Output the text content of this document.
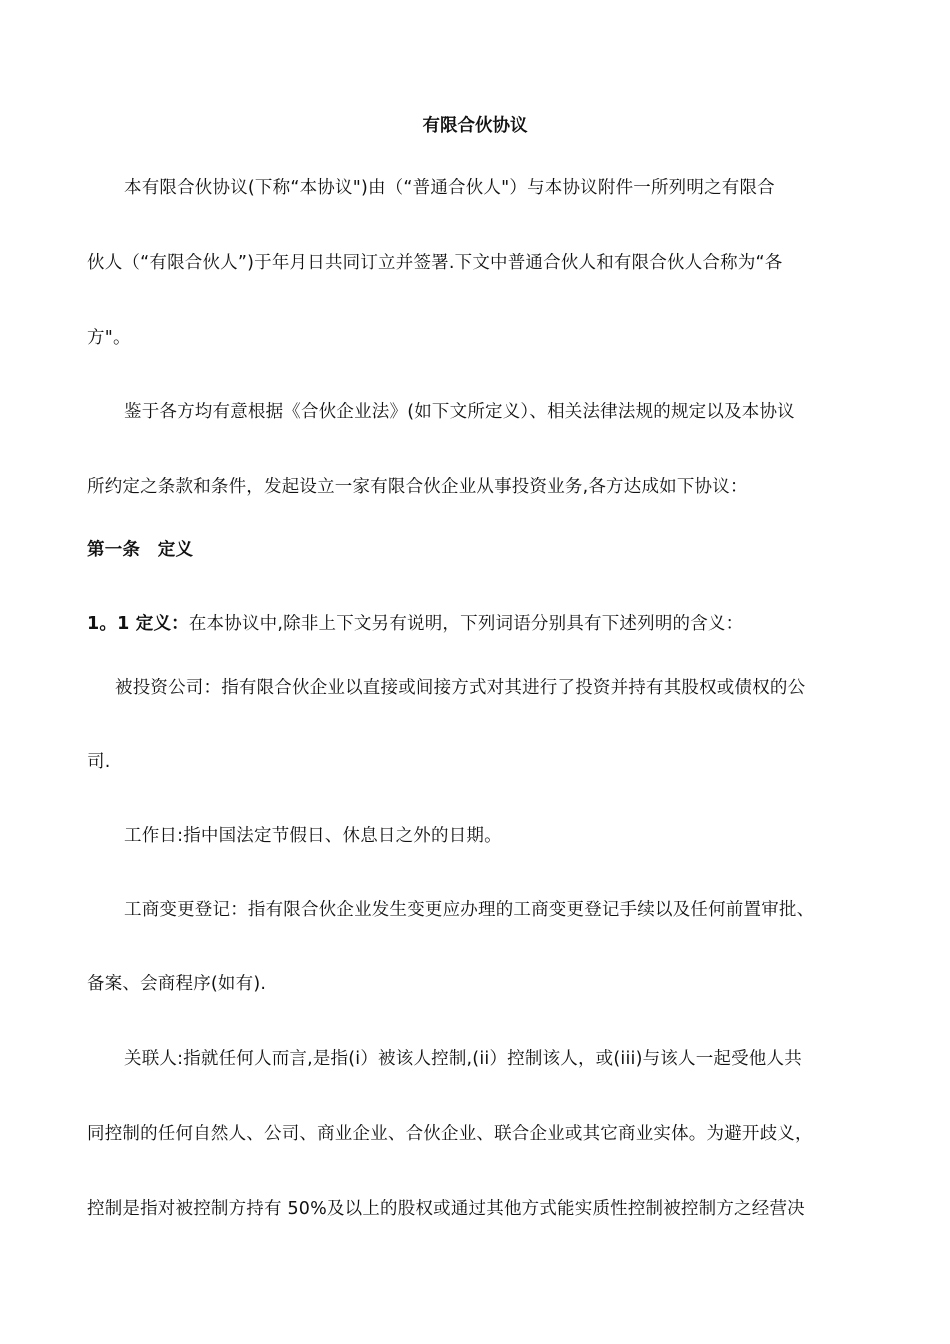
有限合伙协议
本有限合伙协议(下称“本协议")由（“普通合伙人"）与本协议附件一所列明之有限合
伙人（“有限合伙人”)于年月日共同订立并签署.下文中普通合伙人和有限合伙人合称为“各
方"。
鉴于各方均有意根据《合伙企业法》(如下文所定义）、相关法律法规的规定以及本协议
所约定之条款和条件，发起设立一家有限合伙企业从事投资业务,各方达成如下协议：
第一条　定义
1。1 定义：在本协议中,除非上下文另有说明，下列词语分别具有下述列明的含义：
被投资公司：指有限合伙企业以直接或间接方式对其进行了投资并持有其股权或债权的公
司.
工作日:指中国法定节假日、休息日之外的日期。
工商变更登记：指有限合伙企业发生变更应办理的工商变更登记手续以及任何前置审批、
备案、会商程序(如有).
关联人:指就任何人而言,是指(i）被该人控制,(ii）控制该人，或(iii)与该人一起受他人共
同控制的任何自然人、公司、商业企业、合伙企业、联合企业或其它商业实体。为避开歧义，
控制是指对被控制方持有 50%及以上的股权或通过其他方式能实质性控制被控制方之经营决
